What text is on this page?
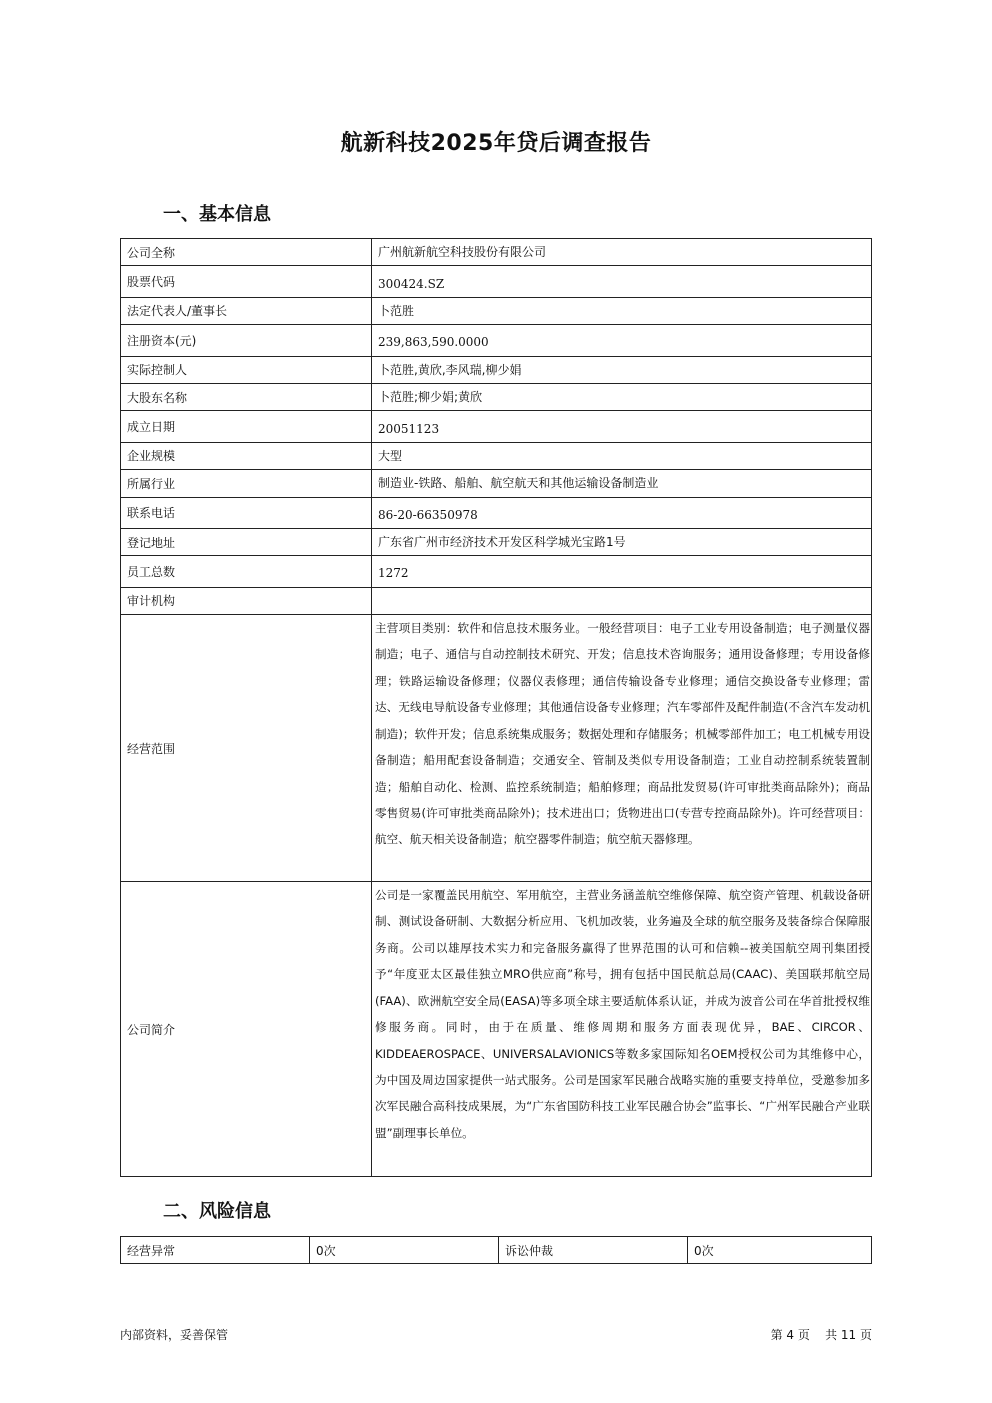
航新科技2025年贷后调查报告
一、基本信息
公司全称	广州航新航空科技股份有限公司
股票代码	300424.SZ
法定代表人/董事长	卜范胜
注册资本(元)	239,863,590.0000
实际控制人	卜范胜,黄欣,李风瑞,柳少娟
大股东名称	卜范胜;柳少娟;黄欣
成立日期	20051123
企业规模	大型
所属行业	制造业-铁路、船舶、航空航天和其他运输设备制造业
联系电话	86-20-66350978
登记地址	广东省广州市经济技术开发区科学城光宝路1号
员工总数	1272
审计机构	
经营范围	主营项目类别：软件和信息技术服务业。一般经营项目：电子工业专用设备制造；电子测量仪器制造；电子、通信与自动控制技术研究、开发；信息技术咨询服务；通用设备修理；专用设备修理；铁路运输设备修理；仪器仪表修理；通信传输设备专业修理；通信交换设备专业修理；雷达、无线电导航设备专业修理；其他通信设备专业修理；汽车零部件及配件制造(不含汽车发动机制造)；软件开发；信息系统集成服务；数据处理和存储服务；机械零部件加工；电工机械专用设备制造；船用配套设备制造；交通安全、管制及类似专用设备制造；工业自动控制系统装置制造；船舶自动化、检测、监控系统制造；船舶修理；商品批发贸易(许可审批类商品除外)；商品零售贸易(许可审批类商品除外)；技术进出口；货物进出口(专营专控商品除外)。许可经营项目：航空、航天相关设备制造；航空器零件制造；航空航天器修理。
公司简介	公司是一家覆盖民用航空、军用航空，主营业务涵盖航空维修保障、航空资产管理、机载设备研制、测试设备研制、大数据分析应用、飞机加改装，业务遍及全球的航空服务及装备综合保障服务商。公司以雄厚技术实力和完备服务赢得了世界范围的认可和信赖--被美国航空周刊集团授予“年度亚太区最佳独立MRO供应商”称号，拥有包括中国民航总局(CAAC)、美国联邦航空局(FAA)、欧洲航空安全局(EASA)等多项全球主要适航体系认证，并成为波音公司在华首批授权维修服务商。同时，由于在质量、维修周期和服务方面表现优异，BAE、CIRCOR、KIDDEAEROSPACE、UNIVERSALAVIONICS等数多家国际知名OEM授权公司为其维修中心，为中国及周边国家提供一站式服务。公司是国家军民融合战略实施的重要支持单位，受邀参加多次军民融合高科技成果展，为“广东省国防科技工业军民融合协会”监事长、“广州军民融合产业联盟”副理事长单位。
二、风险信息
经营异常	0次	诉讼仲裁	0次
内部资料，妥善保管	第 4 页    共 11 页
